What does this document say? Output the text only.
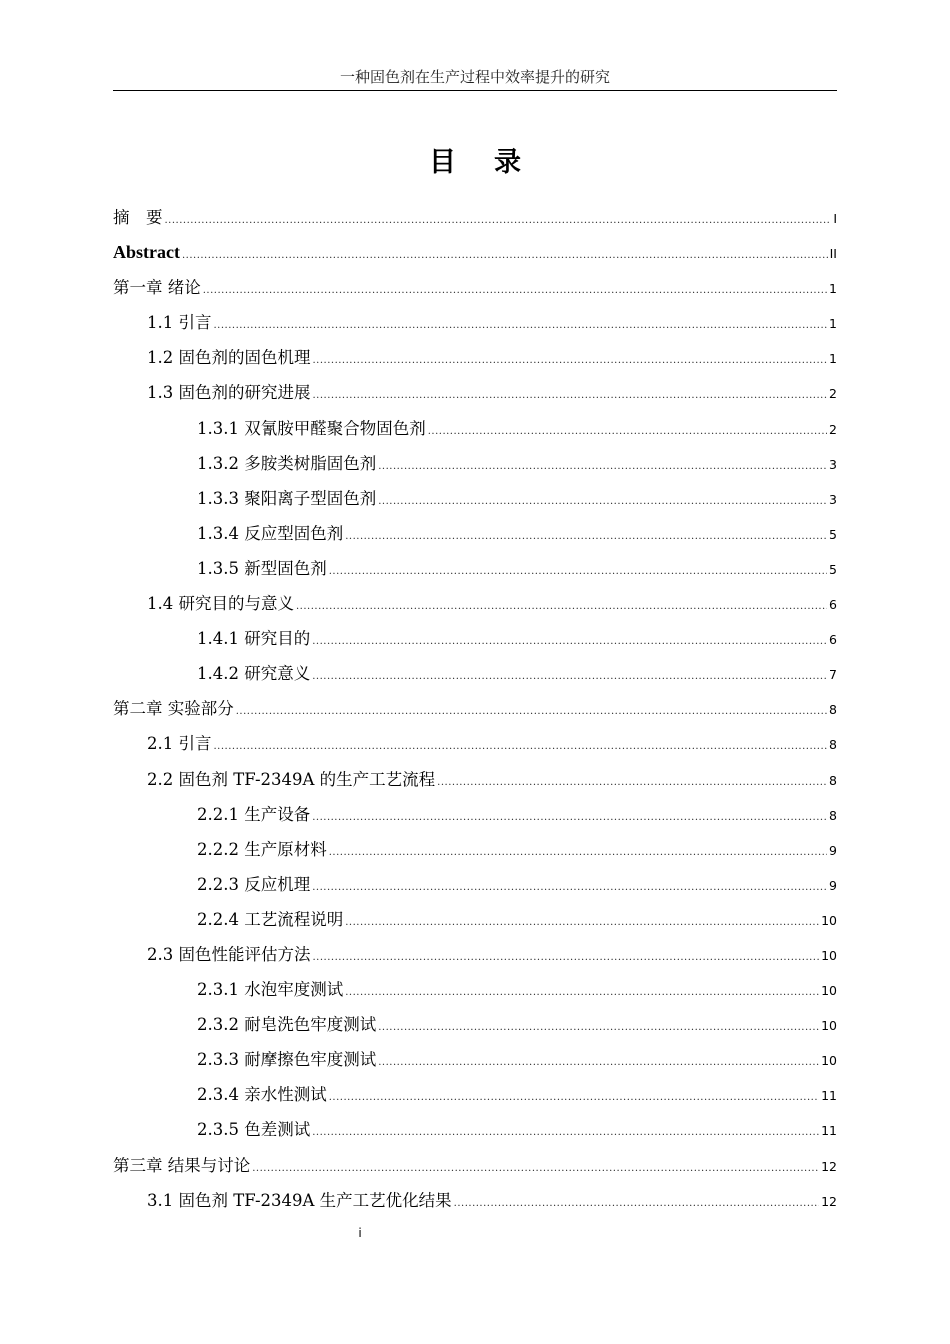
一种固色剂在生产过程中效率提升的研究
目录
摘　要 .....	I
Abstract .....	II
第一章 绪论 .....	1
1.1 引言 .....	1
1.2 固色剂的固色机理 .....	1
1.3 固色剂的研究进展 .....	2
1.3.1 双氰胺甲醛聚合物固色剂 .....	2
1.3.2 多胺类树脂固色剂 .....	3
1.3.3 聚阳离子型固色剂 .....	3
1.3.4 反应型固色剂 .....	5
1.3.5 新型固色剂 .....	5
1.4 研究目的与意义 .....	6
1.4.1 研究目的 .....	6
1.4.2 研究意义 .....	7
第二章 实验部分 .....	8
2.1 引言 .....	8
2.2 固色剂 TF-2349A 的生产工艺流程 .....	8
2.2.1 生产设备 .....	8
2.2.2 生产原材料 .....	9
2.2.3 反应机理 .....	9
2.2.4 工艺流程说明 .....	10
2.3 固色性能评估方法 .....	10
2.3.1 水泡牢度测试 .....	10
2.3.2 耐皂洗色牢度测试 .....	10
2.3.3 耐摩擦色牢度测试 .....	10
2.3.4 亲水性测试 .....	11
2.3.5 色差测试 .....	11
第三章 结果与讨论 .....	12
3.1 固色剂 TF-2349A 生产工艺优化结果 .....	12
i
